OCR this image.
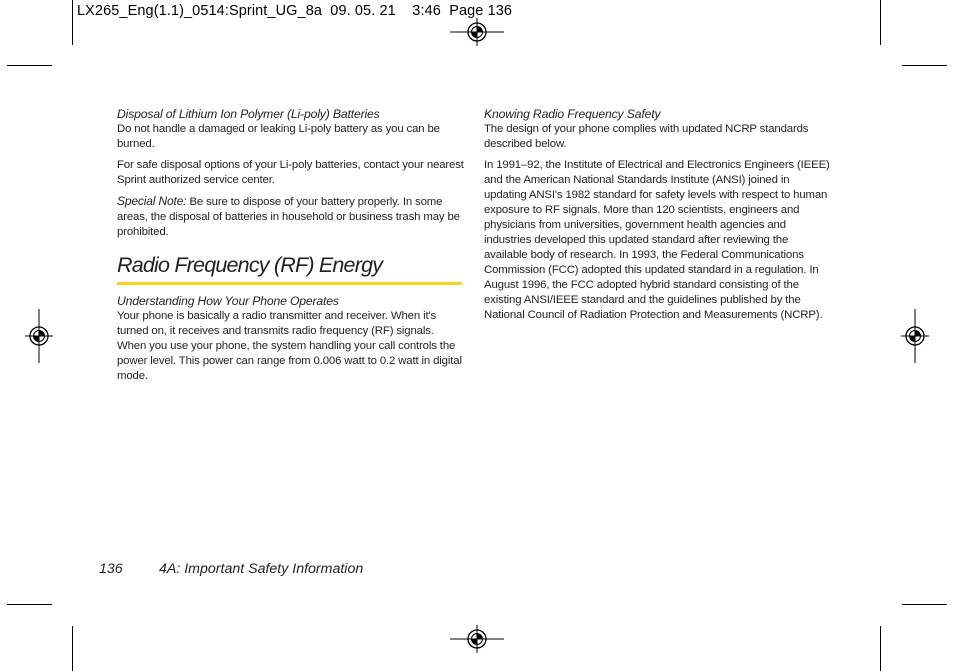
LX265_Eng(1.1)_0514:Sprint_UG_8a  09. 05. 21    3:46  Page 136

Disposal of Lithium Ion Polymer (Li-poly) Batteries

Do not handle a damaged or leaking Li-poly battery as you can be burned.

For safe disposal options of your Li-poly batteries, contact your nearest Sprint authorized service center.

Special Note: Be sure to dispose of your battery properly. In some areas, the disposal of batteries in household or business trash may be prohibited.

Radio Frequency (RF) Energy

Understanding How Your Phone Operates

Your phone is basically a radio transmitter and receiver. When it's turned on, it receives and transmits radio frequency (RF) signals. When you use your phone, the system handling your call controls the power level. This power can range from 0.006 watt to 0.2 watt in digital mode.

Knowing Radio Frequency Safety

The design of your phone complies with updated NCRP standards described below.

In 1991–92, the Institute of Electrical and Electronics Engineers (IEEE) and the American National Standards Institute (ANSI) joined in updating ANSI's 1982 standard for safety levels with respect to human exposure to RF signals. More than 120 scientists, engineers and physicians from universities, government health agencies and industries developed this updated standard after reviewing the available body of research. In 1993, the Federal Communications Commission (FCC) adopted this updated standard in a regulation. In August 1996, the FCC adopted hybrid standard consisting of the existing ANSI/IEEE standard and the guidelines published by the National Council of Radiation Protection and Measurements (NCRP).

136	4A: Important Safety Information
